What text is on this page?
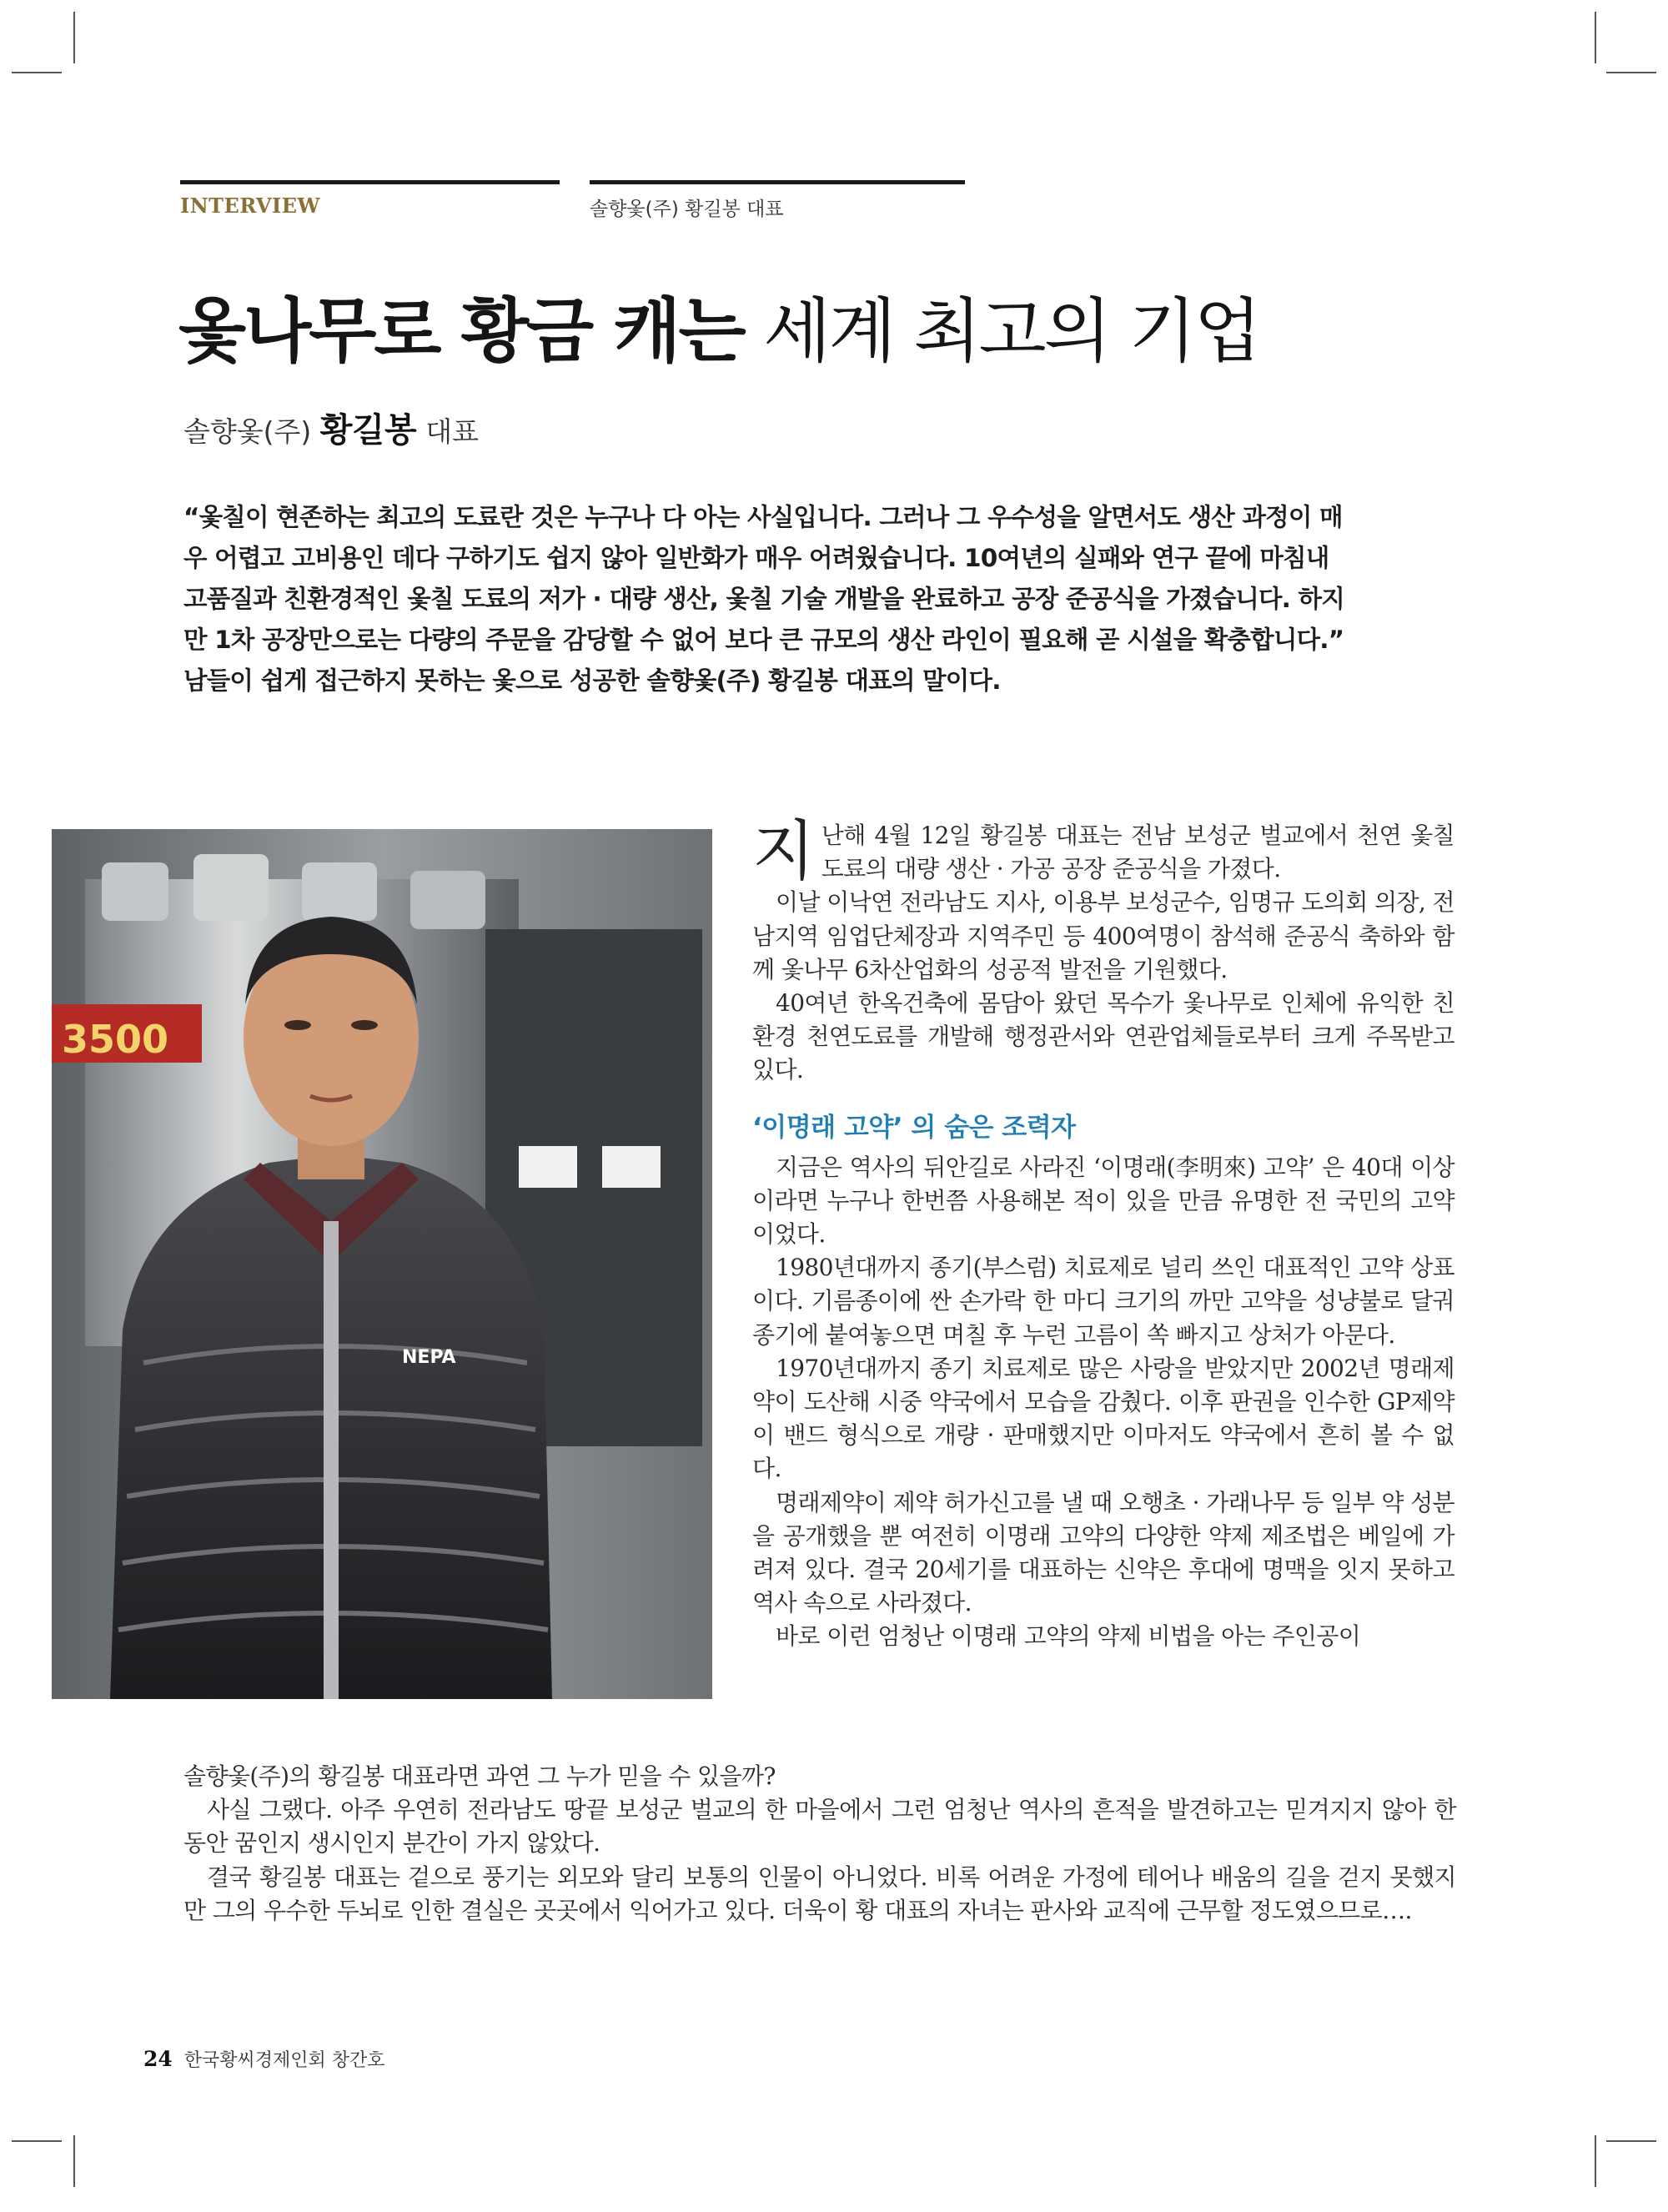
INTERVIEW	솔향옻(주) 황길봉 대표
옻나무로 황금 캐는 세계 최고의 기업
솔향옻(주) 황길봉 대표

“옻칠이 현존하는 최고의 도료란 것은 누구나 다 아는 사실입니다. 그러나 그 우수성을 알면서도 생산 과정이 매우 어렵고 고비용인 데다 구하기도 쉽지 않아 일반화가 매우 어려웠습니다. 10여년의 실패와 연구 끝에 마침내 고품질과 친환경적인 옻칠 도료의 저가 · 대량 생산, 옻칠 기술 개발을 완료하고 공장 준공식을 가졌습니다. 하지만 1차 공장만으로는 다량의 주문을 감당할 수 없어 보다 큰 규모의 생산 라인이 필요해 곧 시설을 확충합니다.”

남들이 쉽게 접근하지 못하는 옻으로 성공한 솔향옻(주) 황길봉 대표의 말이다.

3500
NEPA

지난해 4월 12일 황길봉 대표는 전남 보성군 벌교에서 천연 옻칠 도료의 대량 생산 · 가공 공장 준공식을 가졌다.

이날 이낙연 전라남도 지사, 이용부 보성군수, 임명규 도의회 의장, 전남지역 임업단체장과 지역주민 등 400여명이 참석해 준공식 축하와 함께 옻나무 6차산업화의 성공적 발전을 기원했다.

40여년 한옥건축에 몸담아 왔던 목수가 옻나무로 인체에 유익한 친환경 천연도료를 개발해 행정관서와 연관업체들로부터 크게 주목받고 있다.

‘이명래 고약’ 의 숨은 조력자

지금은 역사의 뒤안길로 사라진 ‘이명래(李明來) 고약’ 은 40대 이상이라면 누구나 한번쯤 사용해본 적이 있을 만큼 유명한 전 국민의 고약이었다.

1980년대까지 종기(부스럼) 치료제로 널리 쓰인 대표적인 고약 상표이다. 기름종이에 싼 손가락 한 마디 크기의 까만 고약을 성냥불로 달궈 종기에 붙여놓으면 며칠 후 누런 고름이 쏙 빠지고 상처가 아문다.

1970년대까지 종기 치료제로 많은 사랑을 받았지만 2002년 명래제약이 도산해 시중 약국에서 모습을 감췄다. 이후 판권을 인수한 GP제약이 밴드 형식으로 개량 · 판매했지만 이마저도 약국에서 흔히 볼 수 없다.

명래제약이 제약 허가신고를 낼 때 오행초 · 가래나무 등 일부 약 성분을 공개했을 뿐 여전히 이명래 고약의 다양한 약제 제조법은 베일에 가려져 있다. 결국 20세기를 대표하는 신약은 후대에 명맥을 잇지 못하고 역사 속으로 사라졌다.

바로 이런 엄청난 이명래 고약의 약제 비법을 아는 주인공이

솔향옻(주)의 황길봉 대표라면 과연 그 누가 믿을 수 있을까?

사실 그랬다. 아주 우연히 전라남도 땅끝 보성군 벌교의 한 마을에서 그런 엄청난 역사의 흔적을 발견하고는 믿겨지지 않아 한동안 꿈인지 생시인지 분간이 가지 않았다.

결국 황길봉 대표는 겉으로 풍기는 외모와 달리 보통의 인물이 아니었다. 비록 어려운 가정에 테어나 배움의 길을 걷지 못했지만 그의 우수한 두뇌로 인한 결실은 곳곳에서 익어가고 있다. 더욱이 황 대표의 자녀는 판사와 교직에 근무할 정도였으므로….

24 한국황씨경제인회 창간호
